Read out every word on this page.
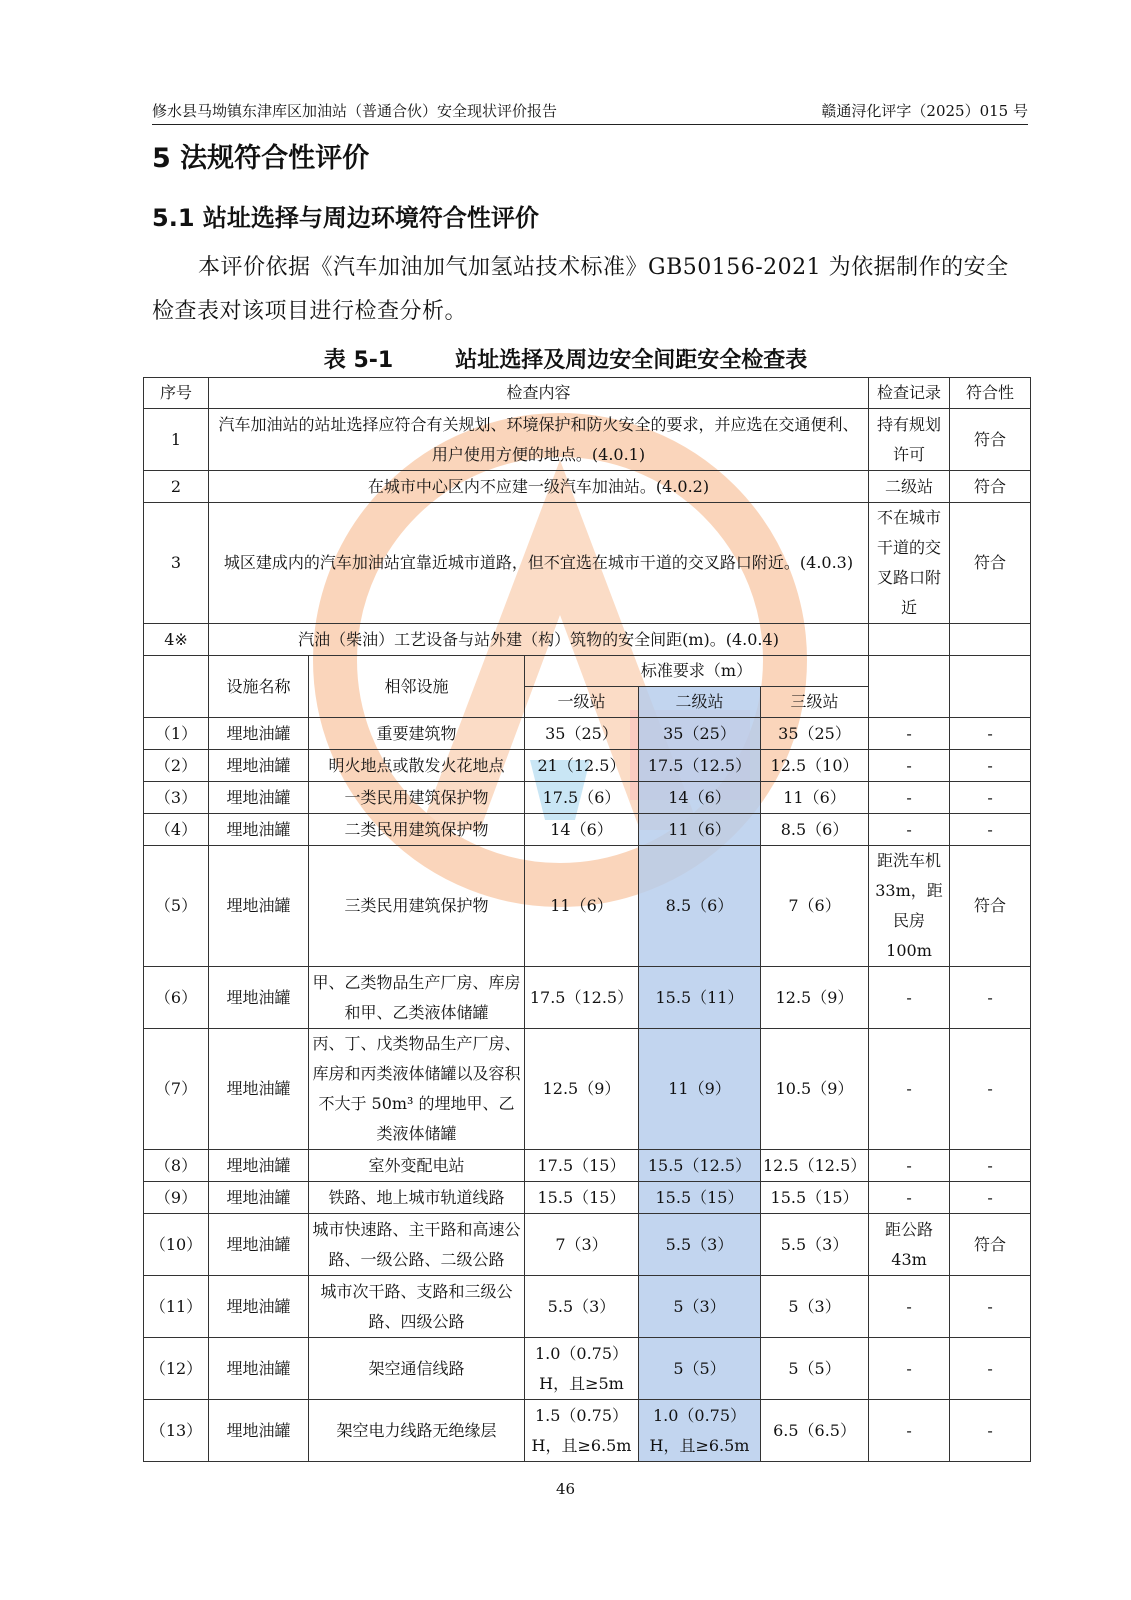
修水县马坳镇东津库区加油站（普通合伙）安全现状评价报告	赣通浔化评字（2025）015 号
5 法规符合性评价
5.1 站址选择与周边环境符合性评价

本评价依据《汽车加油加气加氢站技术标准》GB50156-2021 为依据制作的安全检查表对该项目进行检查分析。

表 5-1	站址选择及周边安全间距安全检查表
序号	检查内容					检查记录	符合性
1	汽车加油站的站址选择应符合有关规划、环境保护和防火安全的要求，并应选在交通便利、用户使用方便的地点。(4.0.1)					持有规划许可	符合
2	在城市中心区内不应建一级汽车加油站。(4.0.2)					二级站	符合
3	城区建成内的汽车加油站宜靠近城市道路，但不宜选在城市干道的交叉路口附近。(4.0.3)					不在城市干道的交叉路口附近	符合
4※	汽油（柴油）工艺设备与站外建（构）筑物的安全间距(m)。(4.0.4)						
	设施名称	相邻设施	标准要求（m）				
			一级站	二级站	三级站		
（1）	埋地油罐	重要建筑物	35（25）	35（25）	35（25）	-	-
（2）	埋地油罐	明火地点或散发火花地点	21（12.5）	17.5（12.5）	12.5（10）	-	-
（3）	埋地油罐	一类民用建筑保护物	17.5（6）	14（6）	11（6）	-	-
（4）	埋地油罐	二类民用建筑保护物	14（6）	11（6）	8.5（6）	-	-
（5）	埋地油罐	三类民用建筑保护物	11（6）	8.5（6）	7（6）	距洗车机 33m，距民房 100m	符合
（6）	埋地油罐	甲、乙类物品生产厂房、库房和甲、乙类液体储罐	17.5（12.5）	15.5（11）	12.5（9）	-	-
（7）	埋地油罐	丙、丁、戊类物品生产厂房、库房和丙类液体储罐以及容积不大于 50m³ 的埋地甲、乙类液体储罐	12.5（9）	11（9）	10.5（9）	-	-
（8）	埋地油罐	室外变配电站	17.5（15）	15.5（12.5）	12.5（12.5）	-	-
（9）	埋地油罐	铁路、地上城市轨道线路	15.5（15）	15.5（15）	15.5（15）	-	-
（10）	埋地油罐	城市快速路、主干路和高速公路、一级公路、二级公路	7（3）	5.5（3）	5.5（3）	距公路 43m	符合
（11）	埋地油罐	城市次干路、支路和三级公路、四级公路	5.5（3）	5（3）	5（3）	-	-
（12）	埋地油罐	架空通信线路	1.0（0.75）H，且≥5m	5（5）	5（5）	-	-
（13）	埋地油罐	架空电力线路无绝缘层	1.5（0.75）H，且≥6.5m	1.0（0.75）H，且≥6.5m	6.5（6.5）	-	-
46
